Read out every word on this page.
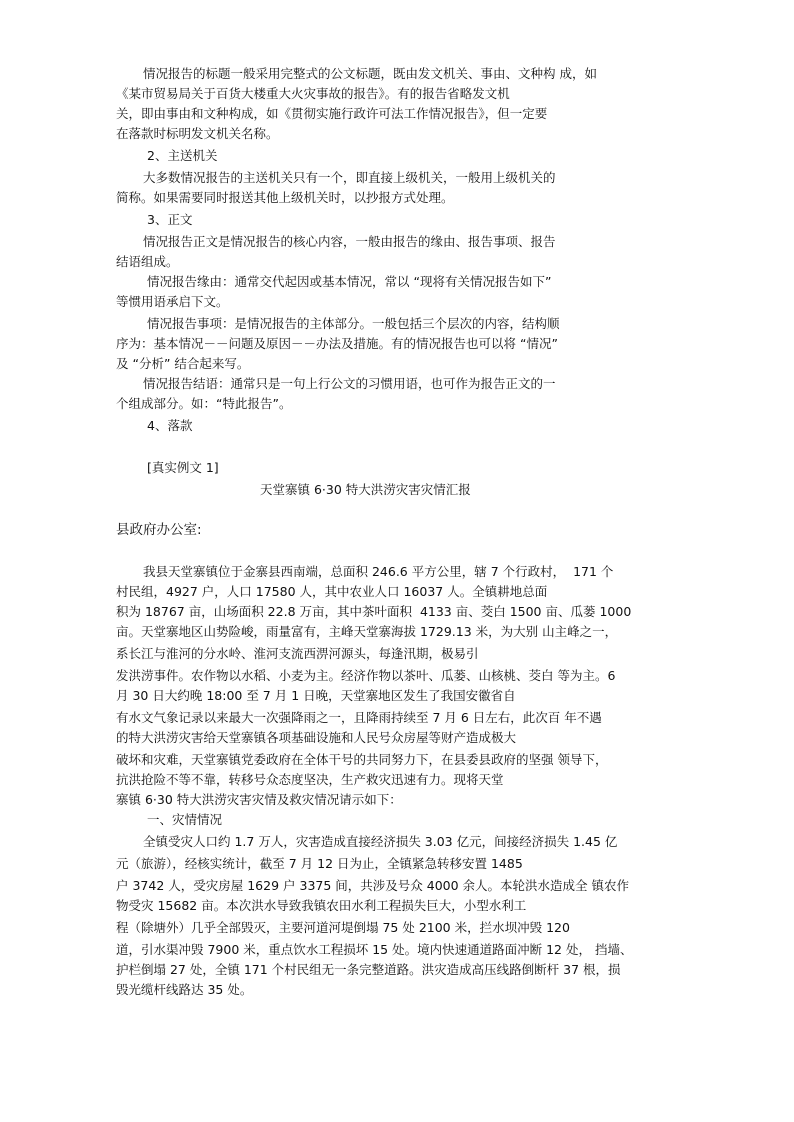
情况报告的标题一般采用完整式的公文标题，既由发文机关、事由、文种构 成，如
《某市贸易局关于百货大楼重大火灾事故的报告》。有的报告省略发文机
关，即由事由和文种构成，如《贯彻实施行政许可法工作情况报告》，但一定要
在落款时标明发文机关名称。
2、主送机关
大多数情况报告的主送机关只有一个，即直接上级机关，一般用上级机关的
简称。如果需要同时报送其他上级机关时，以抄报方式处理。
3、正文
情况报告正文是情况报告的核心内容，一般由报告的缘由、报告事项、报告
结语组成。
情况报告缘由：通常交代起因或基本情况，常以 “现将有关情况报告如下”
等惯用语承启下文。
情况报告事项：是情况报告的主体部分。一般包括三个层次的内容，结构顺
序为：基本情况－－问题及原因－－办法及措施。有的情况报告也可以将 “情况”
及 “分析” 结合起来写。
情况报告结语：通常只是一句上行公文的习惯用语，也可作为报告正文的一
个组成部分。如：“特此报告”。
4、落款
[真实例文 1]
天堂寨镇 6·30 特大洪涝灾害灾情汇报
县政府办公室:
我县天堂寨镇位于金寨县西南端，总面积 246.6 平方公里，辖 7 个行政村，  171 个
村民组，4927 户，人口 17580 人，其中农业人口 16037 人。全镇耕地总面
积为 18767 亩，山场面积 22.8 万亩，其中茶叶面积  4133 亩、茭白 1500 亩、瓜蒌 1000
亩。天堂寨地区山势险峻，雨量富有，主峰天堂寨海拔 1729.13 米，为大别 山主峰之一，
系长江与淮河的分水岭、淮河支流西淠河源头，每逢汛期，极易引
发洪涝事件。农作物以水稻、小麦为主。经济作物以茶叶、瓜蒌、山核桃、茭白 等为主。6
月 30 日大约晚 18:00 至 7 月 1 日晚，天堂寨地区发生了我国安徽省自
有水文气象记录以来最大一次强降雨之一，且降雨持续至 7 月 6 日左右，此次百 年不遇
的特大洪涝灾害给天堂寨镇各项基础设施和人民号众房屋等财产造成极大
破坏和灾难，天堂寨镇党委政府在全体干号的共同努力下，在县委县政府的坚强 领导下，
抗洪抢险不等不靠，转移号众态度坚决，生产救灾迅速有力。现将天堂
寨镇 6·30 特大洪涝灾害灾情及救灾情况请示如下：
一、灾情情况
全镇受灾人口约 1.7 万人，灾害造成直接经济损失 3.03 亿元，间接经济损失 1.45 亿
元（旅游），经核实统计，截至 7 月 12 日为止，全镇紧急转移安置 1485
户 3742 人，受灾房屋 1629 户 3375 间，共涉及号众 4000 余人。本轮洪水造成全 镇农作
物受灾 15682 亩。本次洪水导致我镇农田水利工程损失巨大，小型水利工
程（除塘外）几乎全部毁灭，主要河道河堤倒塌 75 处 2100 米，拦水坝冲毁 120
道，引水渠冲毁 7900 米，重点饮水工程损坏 15 处。境内快速通道路面冲断 12 处， 挡墙、
护栏倒塌 27 处，全镇 171 个村民组无一条完整道路。洪灾造成高压线路倒断杆 37 根，损
毁光缆杆线路达 35 处。
